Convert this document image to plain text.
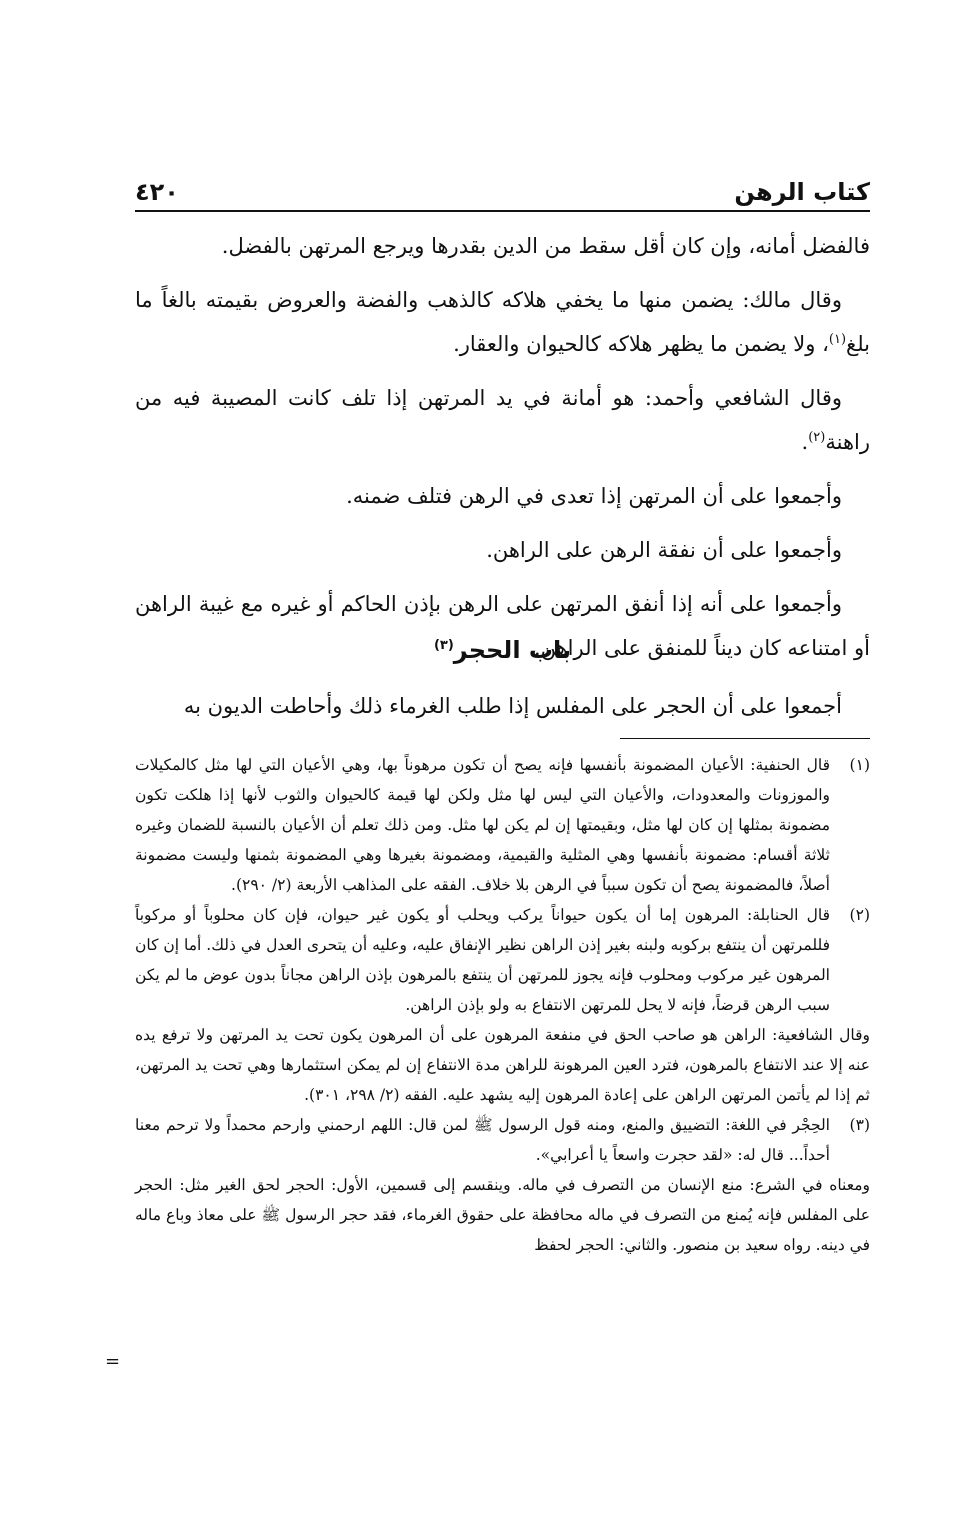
كتاب الرهن
٤٢٠

فالفضل أمانه، وإن كان أقل سقط من الدين بقدرها ويرجع المرتهن بالفضل.

وقال مالك: يضمن منها ما يخفي هلاكه كالذهب والفضة والعروض بقيمته بالغاً ما بلغ$^{(١)}$، ولا يضمن ما يظهر هلاكه كالحيوان والعقار.

وقال الشافعي وأحمد: هو أمانة في يد المرتهن إذا تلف كانت المصيبة فيه من راهنة$^{(٢)}$.

وأجمعوا على أن المرتهن إذا تعدى في الرهن فتلف ضمنه.

وأجمعوا على أن نفقة الرهن على الراهن.

وأجمعوا على أنه إذا أنفق المرتهن على الرهن بإذن الحاكم أو غيره مع غيبة الراهن أو امتناعه كان ديناً للمنفق على الراهن.

باب الحجر$^{(٣)}$
أجمعوا على أن الحجر على المفلس إذا طلب الغرماء ذلك وأحاطت الديون به
(١)
قال الحنفية: الأعيان المضمونة بأنفسها فإنه يصح أن تكون مرهوناً بها، وهي الأعيان التي لها مثل كالمكيلات والموزونات والمعدودات، والأعيان التي ليس لها مثل ولكن لها قيمة كالحيوان والثوب لأنها إذا هلكت تكون مضمونة بمثلها إن كان لها مثل، وبقيمتها إن لم يكن لها مثل. ومن ذلك تعلم أن الأعيان بالنسبة للضمان وغيره ثلاثة أقسام: مضمونة بأنفسها وهي المثلية والقيمية، ومضمونة بغيرها وهي المضمونة بثمنها وليست مضمونة أصلاً، فالمضمونة يصح أن تكون سبباً في الرهن بلا خلاف. الفقه على المذاهب الأربعة (٢/ ٢٩٠).
(٢)

قال الحنابلة: المرهون إما أن يكون حيواناً يركب ويحلب أو يكون غير حيوان، فإن كان محلوباً أو مركوباً فللمرتهن أن ينتفع بركوبه ولبنه بغير إذن الراهن نظير الإنفاق عليه، وعليه أن يتحرى العدل في ذلك. أما إن كان المرهون غير مركوب ومحلوب فإنه يجوز للمرتهن أن ينتفع بالمرهون بإذن الراهن مجاناً بدون عوض ما لم يكن سبب الرهن قرضاً، فإنه لا يحل للمرتهن الانتفاع به ولو بإذن الراهن.

وقال الشافعية: الراهن هو صاحب الحق في منفعة المرهون على أن المرهون يكون تحت يد المرتهن ولا ترفع يده عنه إلا عند الانتفاع بالمرهون، فترد العين المرهونة للراهن مدة الانتفاع إن لم يمكن استثمارها وهي تحت يد المرتهن، ثم إذا لم يأتمن المرتهن الراهن على إعادة المرهون إليه يشهد عليه. الفقه (٢/ ٢٩٨، ٣٠١).

(٣)
الحِجْر في اللغة: التضييق والمنع، ومنه قول الرسول ﷺ لمن قال: اللهم ارحمني وارحم محمداً ولا ترحم معنا أحداً... قال له: «لقد حجرت واسعاً يا أعرابي».

ومعناه في الشرع: منع الإنسان من التصرف في ماله. وينقسم إلى قسمين، الأول: الحجر لحق الغير مثل: الحجر على المفلس فإنه يُمنع من التصرف في ماله محافظة على حقوق الغرماء، فقد حجر الرسول ﷺ على معاذ وباع ماله في دينه. رواه سعيد بن منصور. والثاني: الحجر لحفظ

=
